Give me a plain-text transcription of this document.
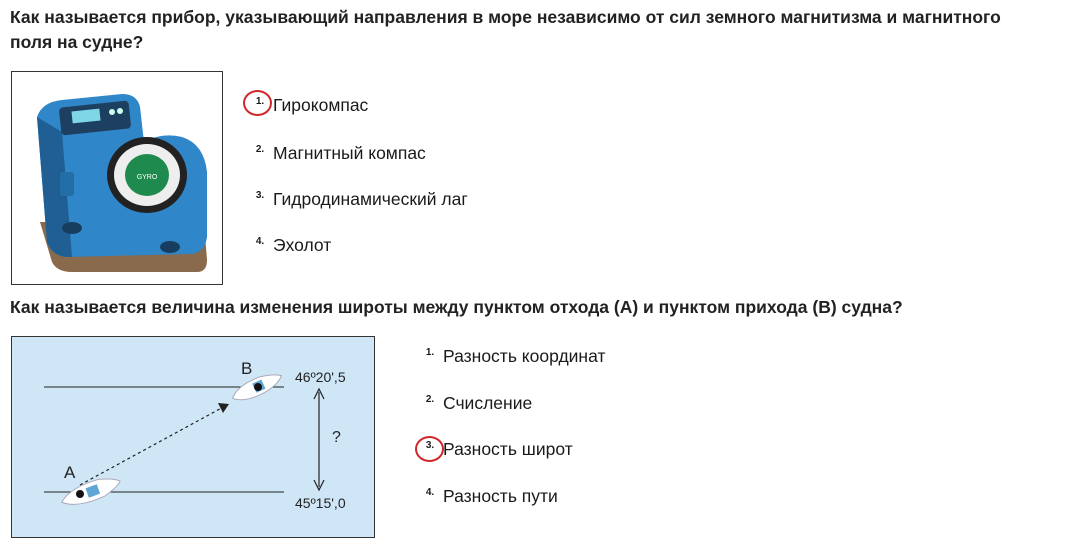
Как называется прибор, указывающий направления в море независимо от сил земного магнитизма и магнитного поля на судне?
GYRO
1. Гирокомпас
2. Магнитный компас
3. Гидродинамический лаг
4. Эхолот
Как называется величина изменения широты между пунктом отхода (A) и пунктом прихода (B) судна?
A
B	46º20',5
45º15',0
?
1. Разность координат
2. Счисление
3. Разность широт
4. Разность пути
